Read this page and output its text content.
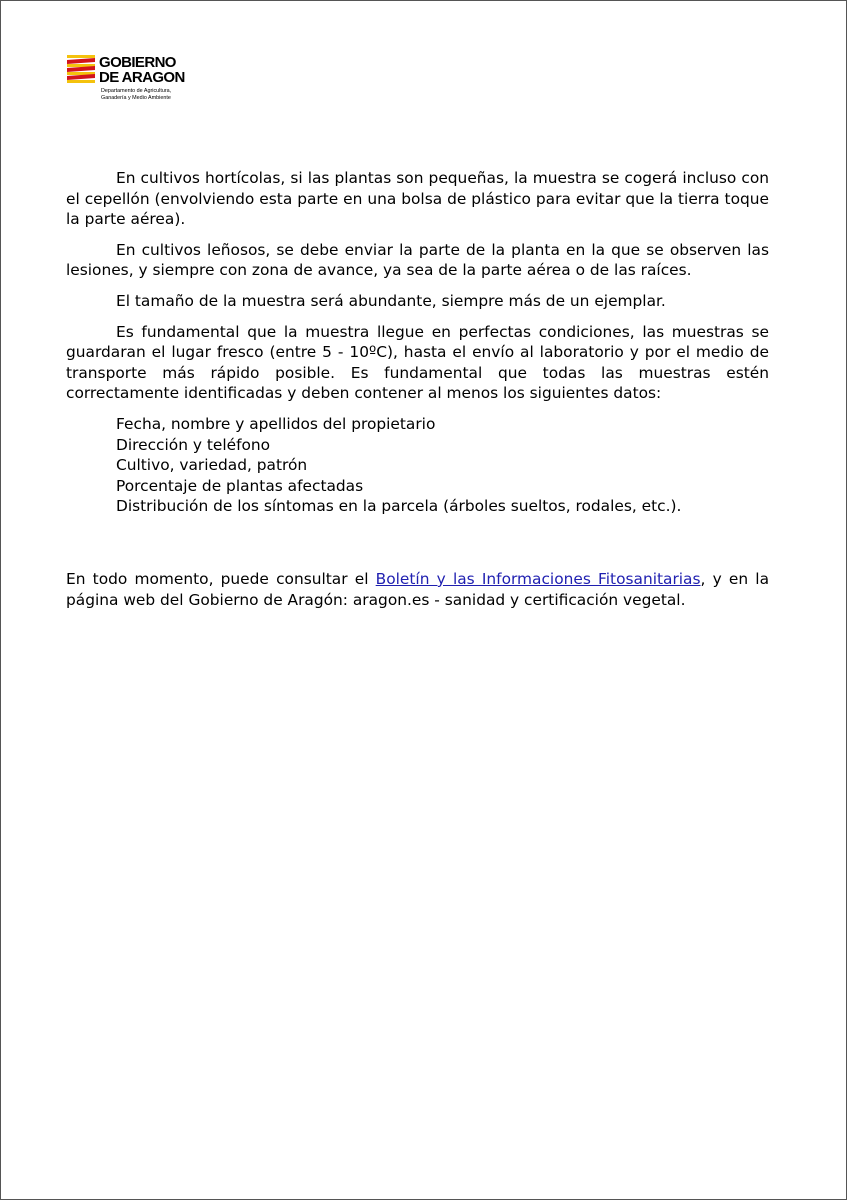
GOBIERNO
DE ARAGON
Departamento de Agricultura,
Ganadería y Medio Ambiente

En cultivos hortícolas, si las plantas son pequeñas, la muestra se cogerá incluso con el cepellón (envolviendo esta parte en una bolsa de plástico para evitar que la tierra toque la parte aérea).

En cultivos leñosos, se debe enviar la parte de la planta en la que se observen las lesiones, y siempre con zona de avance, ya sea de la parte aérea o de las raíces.

El tamaño de la muestra será abundante, siempre más de un ejemplar.

Es fundamental que la muestra llegue en perfectas condiciones, las muestras se guardaran el lugar fresco (entre 5 - 10ºC), hasta el envío al laboratorio y por el medio de transporte más rápido posible. Es fundamental que todas las muestras estén correctamente identificadas y deben contener al menos los siguientes datos:

Fecha, nombre y apellidos del propietario
Dirección y teléfono
Cultivo, variedad, patrón
Porcentaje de plantas afectadas
Distribución de los síntomas en la parcela (árboles sueltos, rodales, etc.).

En todo momento, puede consultar el Boletín y las Informaciones Fitosanitarias, y en la página web del Gobierno de Aragón: aragon.es - sanidad y certificación vegetal.
